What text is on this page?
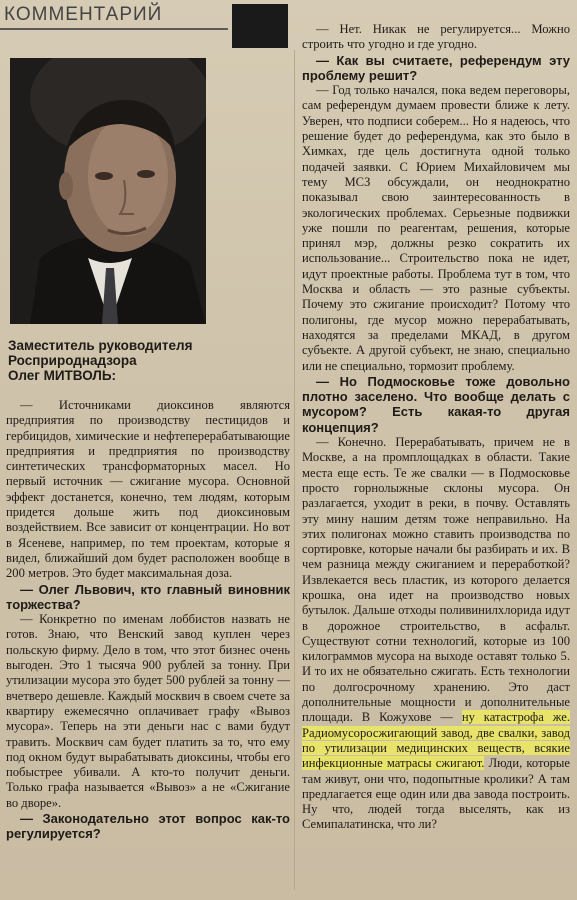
КОММЕНТАРИЙ
Заместитель руководителя
Росприроднадзора
Олег МИТВОЛЬ:

— Источниками диоксинов являются предприятия по производству пестицидов и гербицидов, химические и нефтеперерабатывающие предприятия и предприятия по производству синтетических трансформаторных масел. Но первый источник — сжигание мусора. Основной эффект достанется, конечно, тем людям, которым придется дольше жить под диоксиновым воздействием. Все зависит от концентрации. Но вот в Ясеневе, например, по тем проектам, которые я видел, ближайший дом будет расположен вообще в 200 метров. Это будет максимальная доза.

— Олег Львович, кто главный виновник торжества?

— Конкретно по именам лоббистов назвать не готов. Знаю, что Венский завод куплен через польскую фирму. Дело в том, что этот бизнес очень выгоден. Это 1 тысяча 900 рублей за тонну. При утилизации мусора это будет 500 рублей за тонну — вчетверо дешевле. Каждый москвич в своем счете за квартиру ежемесячно оплачивает графу «Вывоз мусора». Теперь на эти деньги нас с вами будут травить. Москвич сам будет платить за то, что ему под окном будут вырабатывать диоксины, чтобы его побыстрее убивали. А кто-то получит деньги. Только графа называется «Вывоз» а не «Сжигание во дворе».

— Законодательно этот вопрос как-то регулируется?

— Нет. Никак не регулируется... Можно строить что угодно и где угодно.

— Как вы считаете, референдум эту проблему решит?

— Год только начался, пока ведем переговоры, сам референдум думаем провести ближе к лету. Уверен, что подписи соберем... Но я надеюсь, что решение будет до референдума, как это было в Химках, где цель достигнута одной только подачей заявки. С Юрием Михайловичем мы тему МСЗ обсуждали, он неоднократно показывал свою заинтересованность в экологических проблемах. Серьезные подвижки уже пошли по реагентам, решения, которые принял мэр, должны резко сократить их использование... Строительство пока не идет, идут проектные работы. Проблема тут в том, что Москва и область — это разные субъекты. Почему это сжигание происходит? Потому что полигоны, где мусор можно перерабатывать, находятся за пределами МКАД, в другом субъекте. А другой субъект, не знаю, специально или не специально, тормозит проблему.

— Но Подмосковье тоже довольно плотно заселено. Что вообще делать с мусором? Есть какая-то другая концепция?

— Конечно. Перерабатывать, причем не в Москве, а на промплощадках в области. Такие места еще есть. Те же свалки — в Подмосковье просто горнолыжные склоны мусора. Он разлагается, уходит в реки, в почву. Оставлять эту мину нашим детям тоже неправильно. На этих полигонах можно ставить производства по сортировке, которые начали бы разбирать и их. В чем разница между сжиганием и переработкой? Извлекается весь пластик, из которого делается крошка, она идет на производство новых бутылок. Дальше отходы поливинилхлорида идут в дорожное строительство, в асфальт. Существуют сотни технологий, которые из 100 килограммов мусора на выходе оставят только 5. И то их не обязательно сжигать. Есть технологии по долгосрочному хранению. Это даст дополнительные мощности и дополнительные площади. В Кожухове — ну катастрофа же. Радиомусоросжигающий завод, две свалки, завод по утилизации медицинских веществ, всякие инфекционные матрасы сжигают. Люди, которые там живут, они что, подопытные кролики? А там предлагается еще один или два завода построить. Ну что, людей тогда выселять, как из Семипалатинска, что ли?
